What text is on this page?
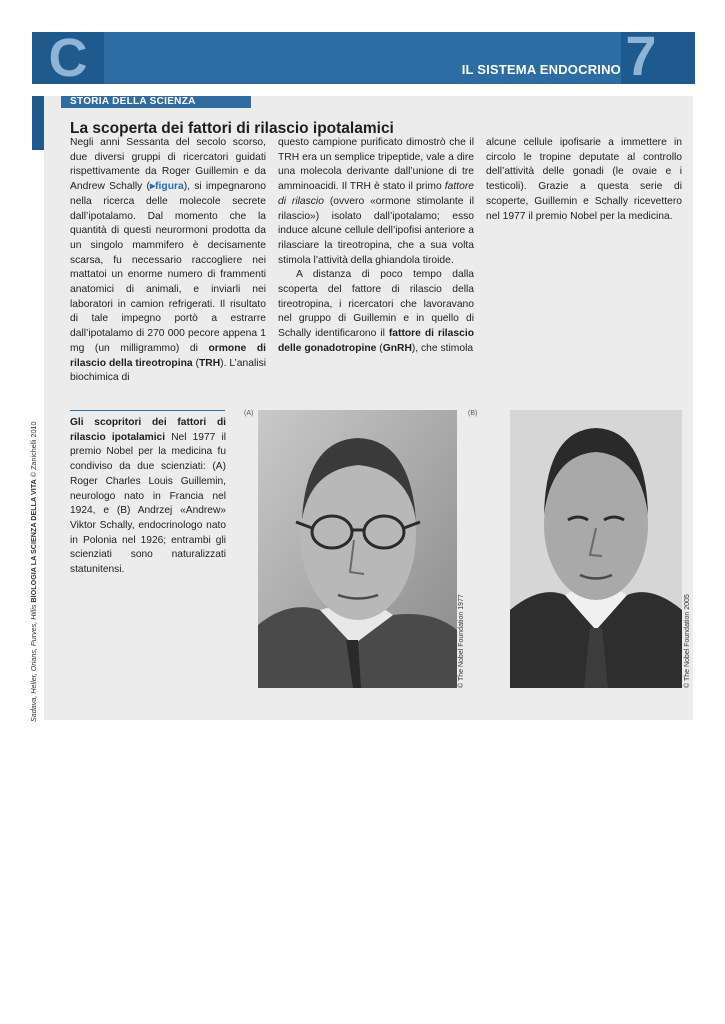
C	IL SISTEMA ENDOCRINO 7
STORIA DELLA SCIENZA
La scoperta dei fattori di rilascio ipotalamici

Negli anni Sessanta del secolo scorso, due diversi gruppi di ricercatori guidati rispettivamente da Roger Guillemin e da Andrew Schally (▸figura), si impegnarono nella ricerca delle molecole secrete dall’ipotalamo. Dal momento che la quantità di questi neurormoni prodotta da un singolo mammifero è decisamente scarsa, fu necessario raccogliere nei mattatoi un enorme numero di frammenti anatomici di animali, e inviarli nei laboratori in camion refrigerati. Il risultato di tale impegno portò a estrarre dall’ipotalamo di 270 000 pecore appena 1 mg (un milligrammo) di ormone di rilascio della tireotropina (TRH). L’analisi biochimica di

questo campione purificato dimostrò che il TRH era un semplice tripeptide, vale a dire una molecola derivante dall’unione di tre amminoacidi. Il TRH è stato il primo fattore di rilascio (ovvero «ormone stimolante il rilascio») isolato dall’ipotalamo; esso induce alcune cellule dell’ipofisi anteriore a rilasciare la tireotropina, che a sua volta stimola l’attività della ghiandola tiroide.

A distanza di poco tempo dalla scoperta del fattore di rilascio della tireotropina, i ricercatori che lavoravano nel gruppo di Guillemin e in quello di Schally identificarono il fattore di rilascio delle gonadotropine (GnRH), che stimola

alcune cellule ipofisarie a immettere in circolo le tropine deputate al controllo dell’attività delle gonadi (le ovaie e i testicoli). Grazie a questa serie di scoperte, Guillemin e Schally ricevettero nel 1977 il premio Nobel per la medicina.

Gli scopritori dei fattori di rilascio ipotalamici Nel 1977 il premio Nobel per la medicina fu condiviso da due scienziati: (A) Roger Charles Louis Guillemin, neurologo nato in Francia nel 1924, e (B) Andrzej «Andrew» Viktor Schally, endocrinologo nato in Polonia nel 1926; entrambi gli scienziati sono naturalizzati statunitensi.
(A)
© The Nobel Foundation 1977
(B)
© The Nobel Foundation 2005
Sadava, Heller, Orians, Purves, Hillis BIOLOGIA LA SCIENZA DELLA VITA © Zanichelli 2010
